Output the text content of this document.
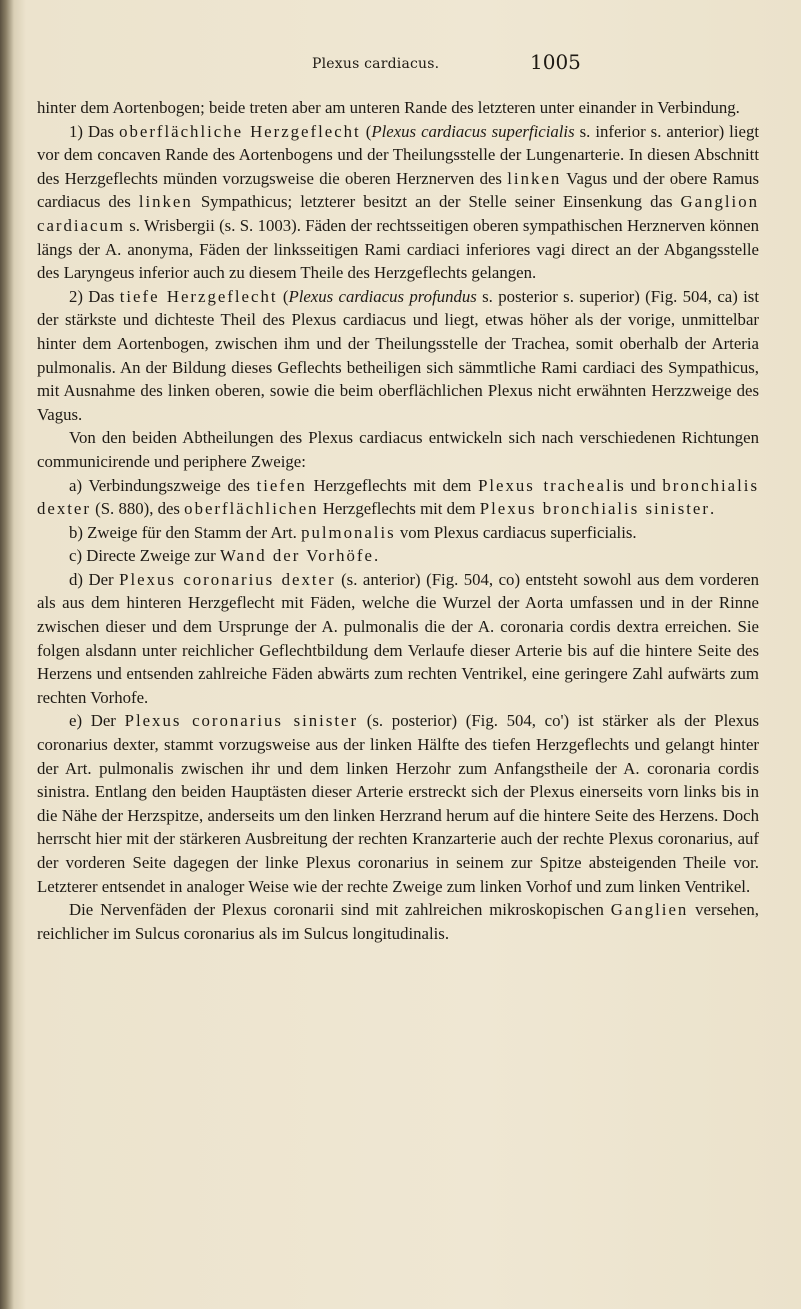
Plexus cardiacus.	1005

hinter dem Aortenbogen; beide treten aber am unteren Rande des letzteren unter einander in Verbindung.

1) Das oberflächliche Herzgeflecht (Plexus cardiacus superficialis s. inferior s. anterior) liegt vor dem concaven Rande des Aortenbogens und der Theilungsstelle der Lungenarterie. In diesen Abschnitt des Herzgeflechts münden vorzugsweise die oberen Herznerven des linken Vagus und der obere Ramus cardiacus des linken Sympathicus; letzterer besitzt an der Stelle seiner Einsenkung das Ganglion cardiacum s. Wrisbergii (s. S. 1003). Fäden der rechtsseitigen oberen sympathischen Herznerven können längs der A. anonyma, Fäden der linksseitigen Rami cardiaci inferiores vagi direct an der Abgangsstelle des Laryngeus inferior auch zu diesem Theile des Herzgeflechts gelangen.

2) Das tiefe Herzgeflecht (Plexus cardiacus profundus s. posterior s. superior) (Fig. 504, ca) ist der stärkste und dichteste Theil des Plexus cardiacus und liegt, etwas höher als der vorige, unmittelbar hinter dem Aortenbogen, zwischen ihm und der Theilungsstelle der Trachea, somit oberhalb der Arteria pulmonalis. An der Bildung dieses Geflechts betheiligen sich sämmtliche Rami cardiaci des Sympathicus, mit Ausnahme des linken oberen, sowie die beim oberflächlichen Plexus nicht erwähnten Herzzweige des Vagus.

Von den beiden Abtheilungen des Plexus cardiacus entwickeln sich nach verschiedenen Richtungen communicirende und periphere Zweige:

a) Verbindungszweige des tiefen Herzgeflechts mit dem Plexus trachealis und bronchialis dexter (S. 880), des oberflächlichen Herzgeflechts mit dem Plexus bronchialis sinister.

b) Zweige für den Stamm der Art. pulmonalis vom Plexus cardiacus superficialis.

c) Directe Zweige zur Wand der Vorhöfe.

d) Der Plexus coronarius dexter (s. anterior) (Fig. 504, co) entsteht sowohl aus dem vorderen als aus dem hinteren Herzgeflecht mit Fäden, welche die Wurzel der Aorta umfassen und in der Rinne zwischen dieser und dem Ursprunge der A. pulmonalis die der A. coronaria cordis dextra erreichen. Sie folgen alsdann unter reichlicher Geflechtbildung dem Verlaufe dieser Arterie bis auf die hintere Seite des Herzens und entsenden zahlreiche Fäden abwärts zum rechten Ventrikel, eine geringere Zahl aufwärts zum rechten Vorhofe.

e) Der Plexus coronarius sinister (s. posterior) (Fig. 504, co') ist stärker als der Plexus coronarius dexter, stammt vorzugsweise aus der linken Hälfte des tiefen Herzgeflechts und gelangt hinter der Art. pulmonalis zwischen ihr und dem linken Herzohr zum Anfangstheile der A. coronaria cordis sinistra. Entlang den beiden Hauptästen dieser Arterie erstreckt sich der Plexus einerseits vorn links bis in die Nähe der Herzspitze, anderseits um den linken Herzrand herum auf die hintere Seite des Herzens. Doch herrscht hier mit der stärkeren Ausbreitung der rechten Kranzarterie auch der rechte Plexus coronarius, auf der vorderen Seite dagegen der linke Plexus coronarius in seinem zur Spitze absteigenden Theile vor. Letzterer entsendet in analoger Weise wie der rechte Zweige zum linken Vorhof und zum linken Ventrikel.

Die Nervenfäden der Plexus coronarii sind mit zahlreichen mikroskopischen Ganglien versehen, reichlicher im Sulcus coronarius als im Sulcus longitudinalis.
